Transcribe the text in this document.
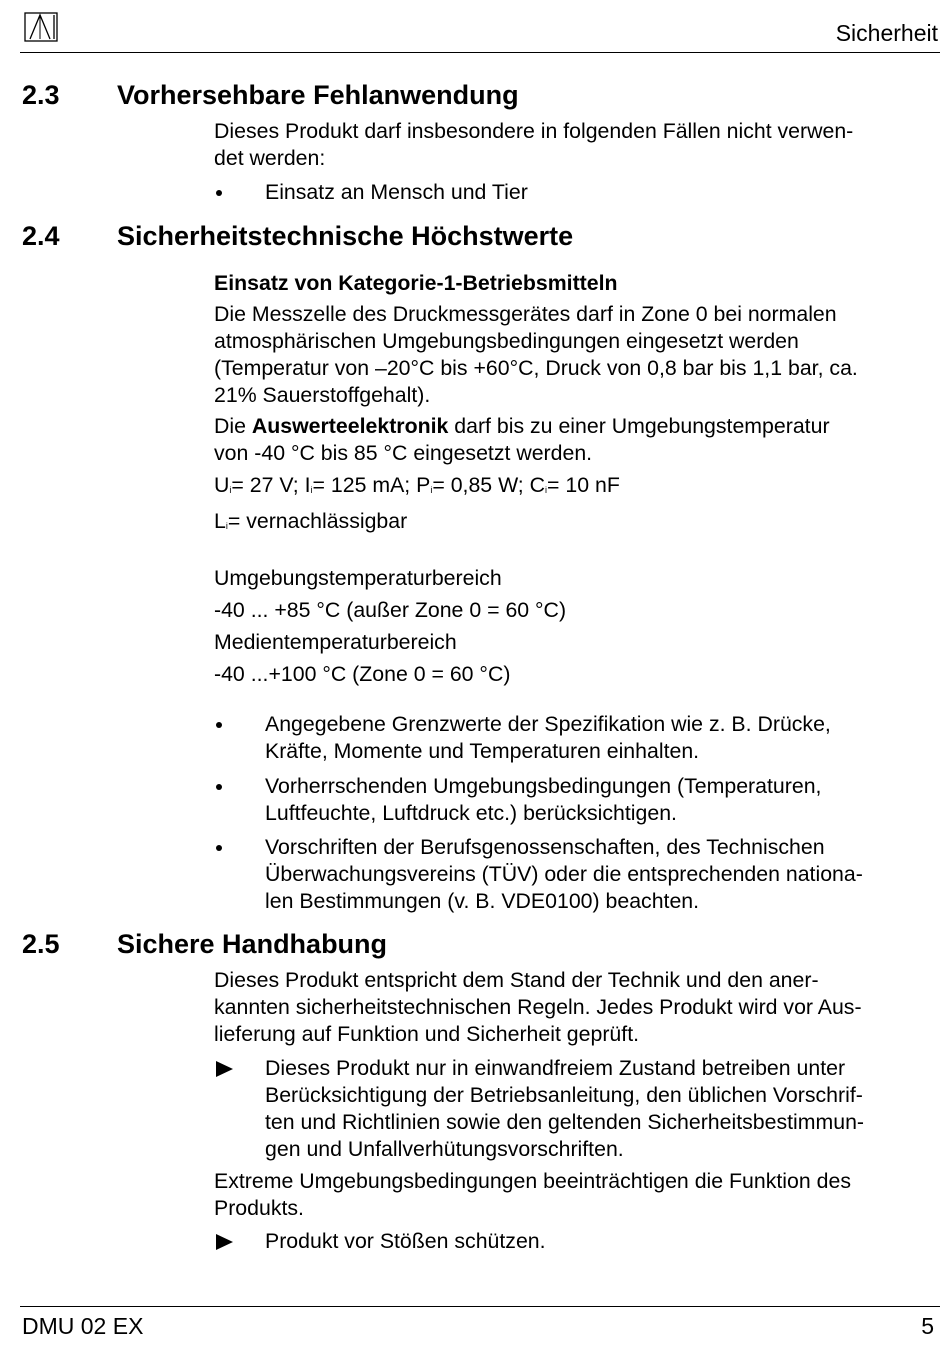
Sicherheit
2.3 Vorhersehbare Fehlanwendung

Dieses Produkt darf insbesondere in folgenden Fällen nicht verwen-

det werden:

Einsatz an Mensch und Tier
2.4 Sicherheitstechnische Höchstwerte

Einsatz von Kategorie-1-Betriebsmitteln

Die Messzelle des Druckmessgerätes darf in Zone 0 bei normalen

atmosphärischen Umgebungsbedingungen eingesetzt werden

(Temperatur von –20°C bis +60°C, Druck von 0,8 bar bis 1,1 bar, ca.

21% Sauerstoffgehalt).

Die Auswerteelektronik darf bis zu einer Umgebungstemperatur

von -40 °C bis 85 °C eingesetzt werden.

Ui= 27 V; Ii= 125 mA; Pi= 0,85 W; Ci= 10 nF

Li= vernachlässigbar

Umgebungstemperaturbereich

-40 ... +85 °C (außer Zone 0 = 60 °C)

Medientemperaturbereich

-40 ...+100 °C (Zone 0 = 60 °C)

Angegebene Grenzwerte der Spezifikation wie z. B. Drücke,
Kräfte, Momente und Temperaturen einhalten.
Vorherrschenden Umgebungsbedingungen (Temperaturen,
Luftfeuchte, Luftdruck etc.) berücksichtigen.
Vorschriften der Berufsgenossenschaften, des Technischen
Überwachungsvereins (TÜV) oder die entsprechenden nationa-
len Bestimmungen (v. B. VDE0100) beachten.
2.5 Sichere Handhabung

Dieses Produkt entspricht dem Stand der Technik und den aner-

kannten sicherheitstechnischen Regeln. Jedes Produkt wird vor Aus-

lieferung auf Funktion und Sicherheit geprüft.

Dieses Produkt nur in einwandfreiem Zustand betreiben unter
Berücksichtigung der Betriebsanleitung, den üblichen Vorschrif-
ten und Richtlinien sowie den geltenden Sicherheitsbestimmun-
gen und Unfallverhütungsvorschriften.

Extreme Umgebungsbedingungen beeinträchtigen die Funktion des

Produkts.

Produkt vor Stößen schützen.
DMU 02 EX	5
